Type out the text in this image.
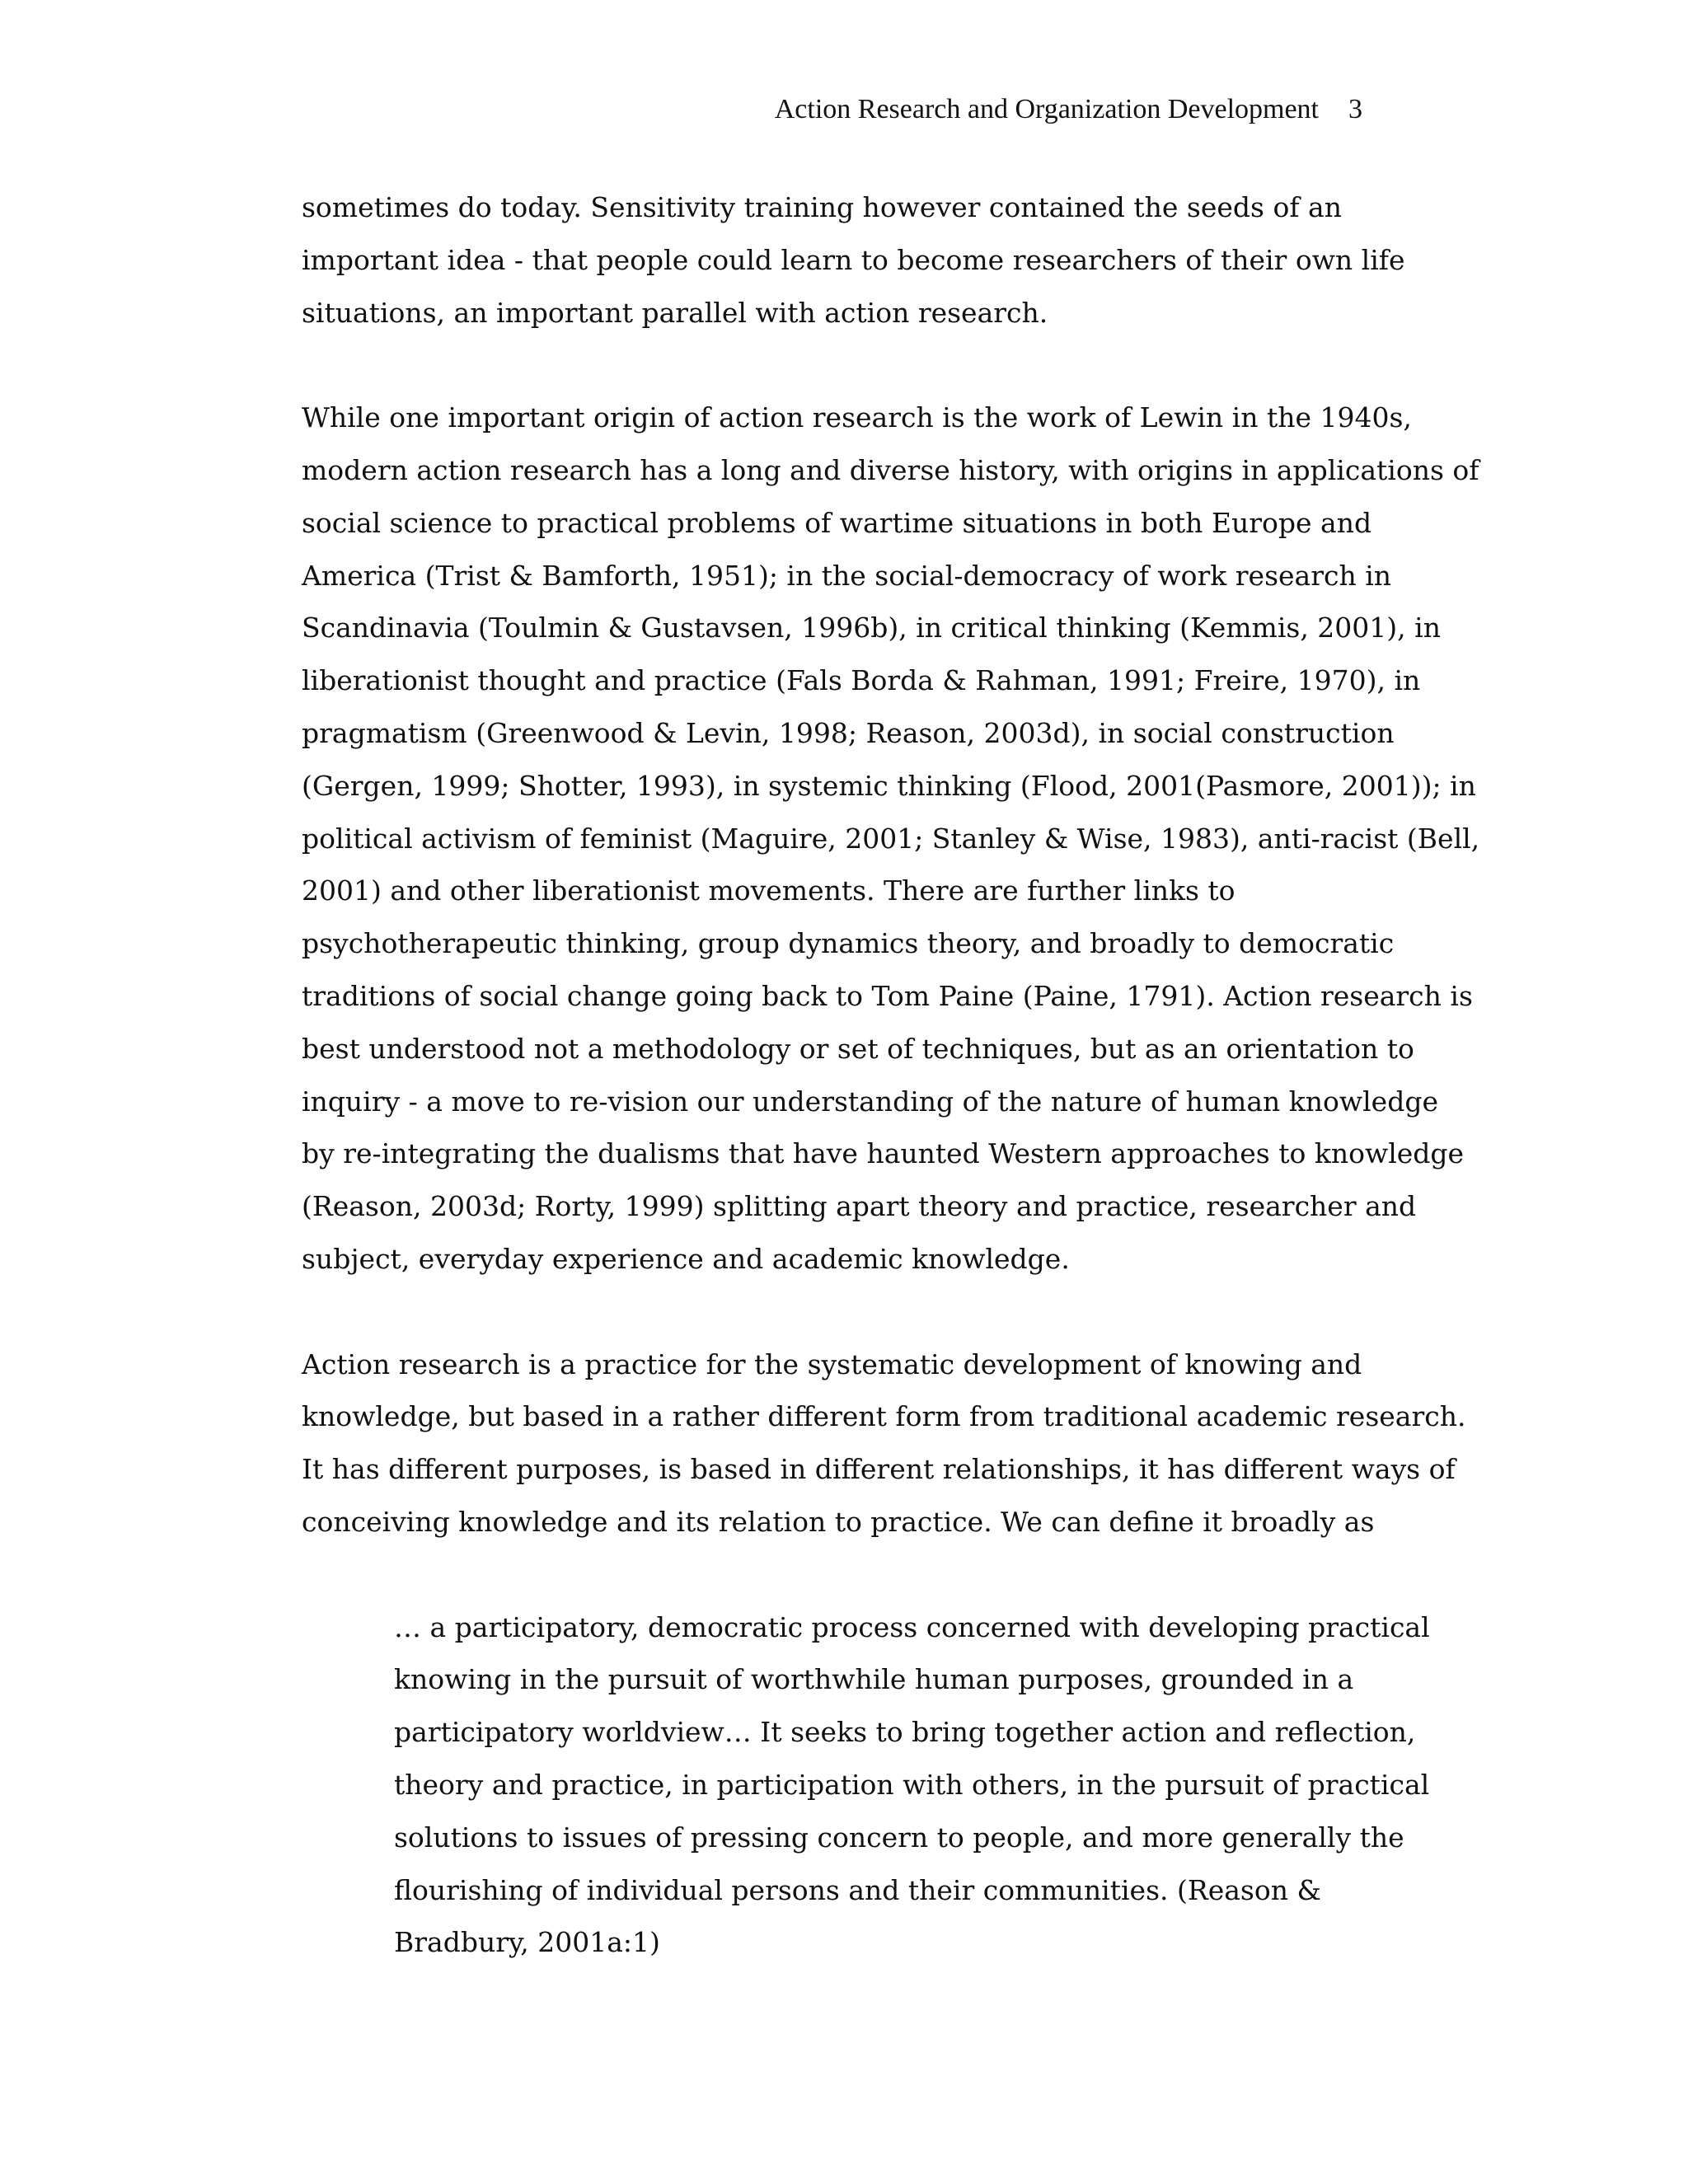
Action Research and Organization Development 3

sometimes do today. Sensitivity training however contained the seeds of an
important idea - that people could learn to become researchers of their own life
situations, an important parallel with action research.

While one important origin of action research is the work of Lewin in the 1940s,
modern action research has a long and diverse history, with origins in applications of
social science to practical problems of wartime situations in both Europe and
America (Trist & Bamforth, 1951); in the social-democracy of work research in
Scandinavia (Toulmin & Gustavsen, 1996b), in critical thinking (Kemmis, 2001), in
liberationist thought and practice (Fals Borda & Rahman, 1991; Freire, 1970), in
pragmatism (Greenwood & Levin, 1998; Reason, 2003d), in social construction
(Gergen, 1999; Shotter, 1993), in systemic thinking (Flood, 2001(Pasmore, 2001)); in
political activism of feminist (Maguire, 2001; Stanley & Wise, 1983), anti-racist (Bell,
2001) and other liberationist movements. There are further links to
psychotherapeutic thinking, group dynamics theory, and broadly to democratic
traditions of social change going back to Tom Paine (Paine, 1791). Action research is
best understood not a methodology or set of techniques, but as an orientation to
inquiry - a move to re-vision our understanding of the nature of human knowledge
by re-integrating the dualisms that have haunted Western approaches to knowledge
(Reason, 2003d; Rorty, 1999) splitting apart theory and practice, researcher and
subject, everyday experience and academic knowledge.

Action research is a practice for the systematic development of knowing and
knowledge, but based in a rather different form from traditional academic research.
It has different purposes, is based in different relationships, it has different ways of
conceiving knowledge and its relation to practice. We can define it broadly as

… a participatory, democratic process concerned with developing practical
knowing in the pursuit of worthwhile human purposes, grounded in a
participatory worldview… It seeks to bring together action and reflection,
theory and practice, in participation with others, in the pursuit of practical
solutions to issues of pressing concern to people, and more generally the
flourishing of individual persons and their communities. (Reason &
Bradbury, 2001a:1)
